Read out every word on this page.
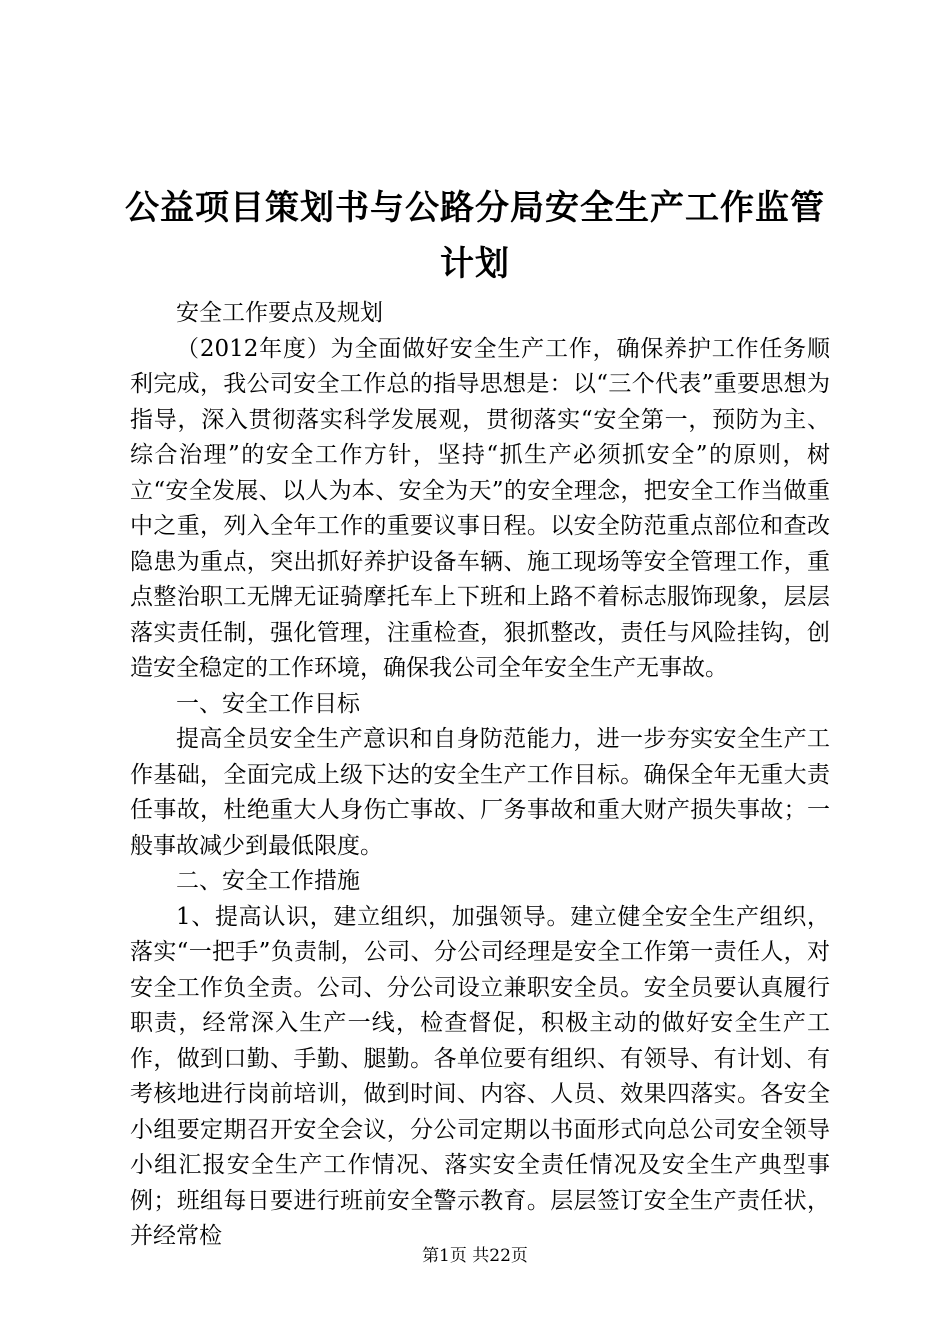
公益项目策划书与公路分局安全生产工作监管计划

安全工作要点及规划

（2012年度）为全面做好安全生产工作，确保养护工作任务顺利完成，我公司安全工作总的指导思想是：以“三个代表”重要思想为指导，深入贯彻落实科学发展观，贯彻落实“安全第一，预防为主、综合治理”的安全工作方针，坚持“抓生产必须抓安全”的原则，树立“安全发展、以人为本、安全为天”的安全理念，把安全工作当做重中之重，列入全年工作的重要议事日程。以安全防范重点部位和查改隐患为重点，突出抓好养护设备车辆、施工现场等安全管理工作，重点整治职工无牌无证骑摩托车上下班和上路不着标志服饰现象，层层落实责任制，强化管理，注重检查，狠抓整改，责任与风险挂钩，创造安全稳定的工作环境，确保我公司全年安全生产无事故。

一、安全工作目标

提高全员安全生产意识和自身防范能力，进一步夯实安全生产工作基础，全面完成上级下达的安全生产工作目标。确保全年无重大责任事故，杜绝重大人身伤亡事故、厂务事故和重大财产损失事故；一般事故减少到最低限度。

二、安全工作措施

1、提高认识，建立组织，加强领导。建立健全安全生产组织，落实“一把手”负责制，公司、分公司经理是安全工作第一责任人，对安全工作负全责。公司、分公司设立兼职安全员。安全员要认真履行职责，经常深入生产一线，检查督促，积极主动的做好安全生产工作，做到口勤、手勤、腿勤。各单位要有组织、有领导、有计划、有考核地进行岗前培训，做到时间、内容、人员、效果四落实。各安全小组要定期召开安全会议，分公司定期以书面形式向总公司安全领导小组汇报安全生产工作情况、落实安全责任情况及安全生产典型事例；班组每日要进行班前安全警示教育。层层签订安全生产责任状，并经常检

第1页 共22页
